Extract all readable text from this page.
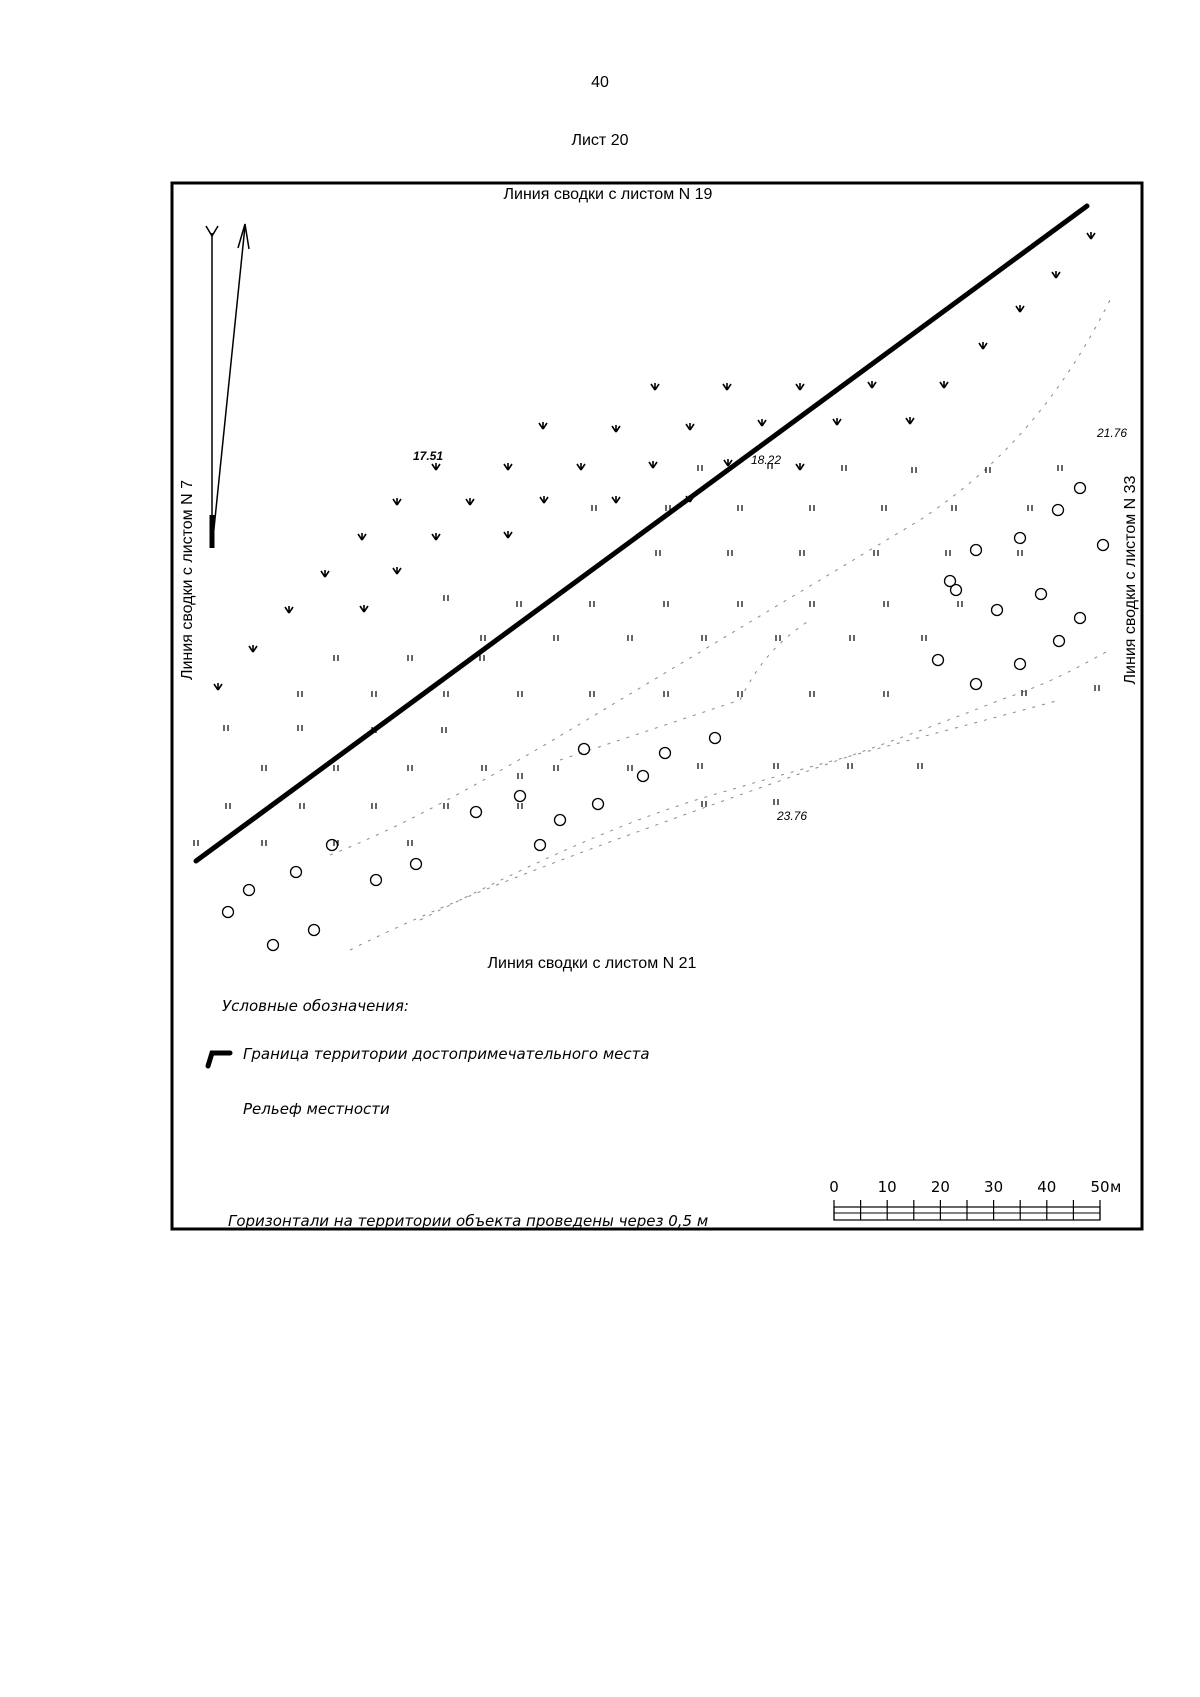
40
Лист 20
Линия сводки с листом N 19
Линия сводки с листом N 21
Линия сводки с листом N 7	Линия сводки с листом N 33
17.51	18.22
21.76
23.76
Условные обозначения:
Граница территории достопримечательного места
Рельеф местности
0	10 20 30 40 50 м
Горизонтали на территории объекта проведены через 0,5 м
